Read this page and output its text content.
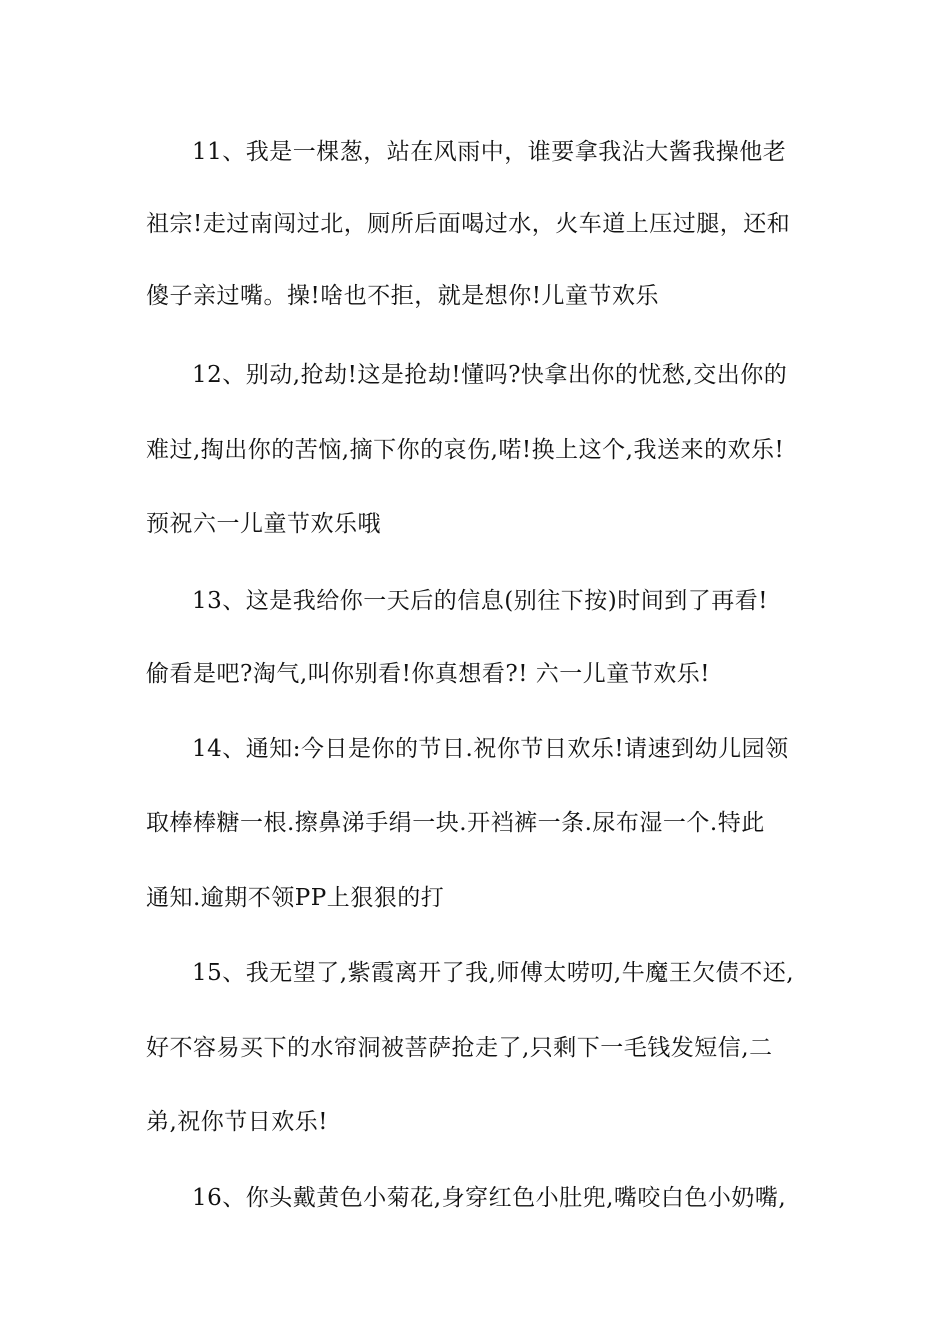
11、我是一棵葱，站在风雨中，谁要拿我沾大酱我操他老
祖宗!走过南闯过北，厕所后面喝过水，火车道上压过腿，还和
傻子亲过嘴。操!啥也不拒，就是想你!儿童节欢乐
12、别动,抢劫!这是抢劫!懂吗?快拿出你的忧愁,交出你的
难过,掏出你的苦恼,摘下你的哀伤,喏!换上这个,我送来的欢乐!
预祝六一儿童节欢乐哦
13、这是我给你一天后的信息(别往下按)时间到了再看!
偷看是吧?淘气,叫你别看!你真想看?! 六一儿童节欢乐!
14、通知:今日是你的节日.祝你节日欢乐!请速到幼儿园领
取棒棒糖一根.擦鼻涕手绢一块.开裆裤一条.尿布湿一个.特此
通知.逾期不领PP上狠狠的打
15、我无望了,紫霞离开了我,师傅太唠叨,牛魔王欠债不还,
好不容易买下的水帘洞被菩萨抢走了,只剩下一毛钱发短信,二
弟,祝你节日欢乐!
16、你头戴黄色小菊花,身穿红色小肚兜,嘴咬白色小奶嘴,
